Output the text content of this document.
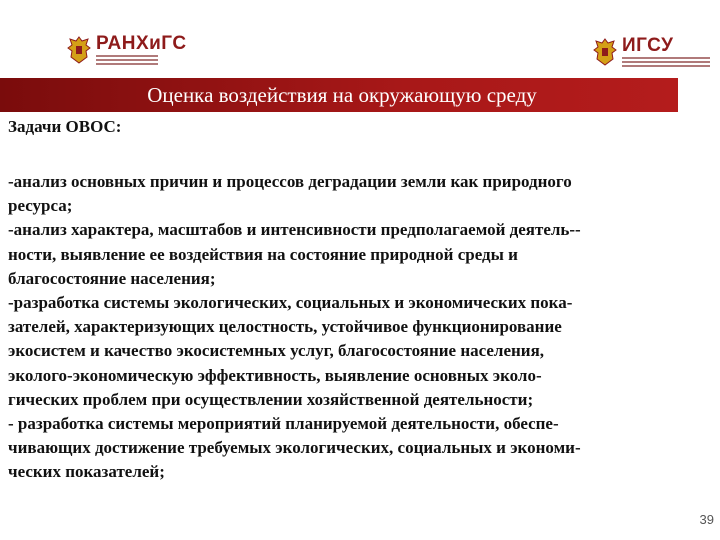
РАНХиГС	ИГСУ
Оценка воздействия на окружающую среду

Задачи ОВОС:

-анализ основных причин и процессов деградации земли как природного
ресурса;

-анализ характера, масштабов и интенсивности предполагаемой деятель--
ности, выявление ее воздействия на состояние природной среды и
благосостояние населения;

-разработка системы экологических, социальных и экономических пока-
зателей, характеризующих целостность, устойчивое функционирование
экосистем и качество экосистемных услуг, благосостояние населения,
эколого-экономическую эффективность, выявление основных эколо-
гических проблем при осуществлении хозяйственной деятельности;

- разработка системы мероприятий планируемой деятельности, обеспе-
чивающих достижение требуемых экологических, социальных и экономи-
ческих показателей;

39
